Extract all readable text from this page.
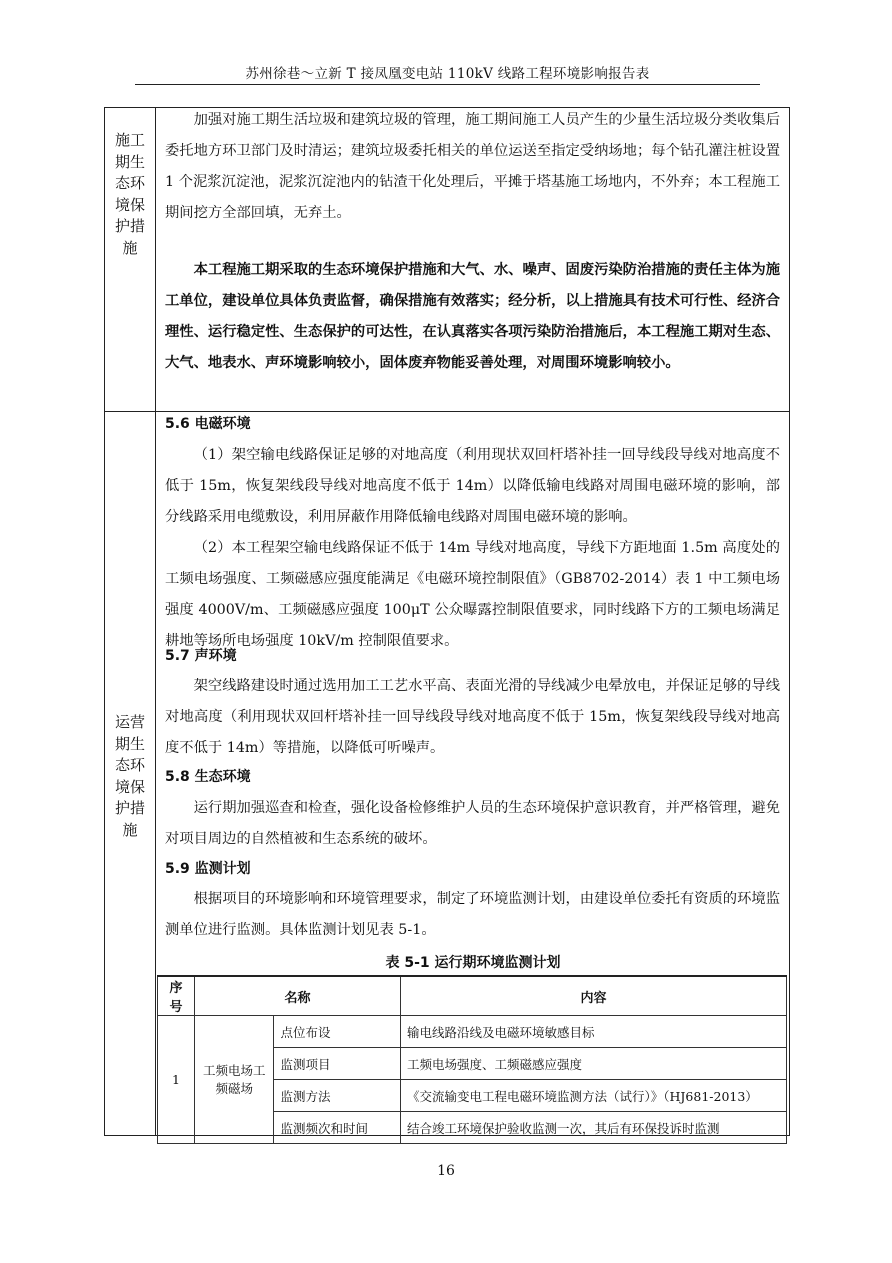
苏州徐巷～立新 T 接凤凰变电站 110kV 线路工程环境影响报告表
施工
期生
态环
境保
护措
施

加强对施工期生活垃圾和建筑垃圾的管理，施工期间施工人员产生的少量生活垃圾分类收集后委托地方环卫部门及时清运；建筑垃圾委托相关的单位运送至指定受纳场地；每个钻孔灌注桩设置 1 个泥浆沉淀池，泥浆沉淀池内的钻渣干化处理后，平摊于塔基施工场地内，不外弃；本工程施工期间挖方全部回填，无弃土。

本工程施工期采取的生态环境保护措施和大气、水、噪声、固废污染防治措施的责任主体为施工单位，建设单位具体负责监督，确保措施有效落实；经分析，以上措施具有技术可行性、经济合理性、运行稳定性、生态保护的可达性，在认真落实各项污染防治措施后，本工程施工期对生态、大气、地表水、声环境影响较小，固体废弃物能妥善处理，对周围环境影响较小。

运营
期生
态环
境保
护措
施
5.6 电磁环境

（1）架空输电线路保证足够的对地高度（利用现状双回杆塔补挂一回导线段导线对地高度不低于 15m，恢复架线段导线对地高度不低于 14m）以降低输电线路对周围电磁环境的影响，部分线路采用电缆敷设，利用屏蔽作用降低输电线路对周围电磁环境的影响。

（2）本工程架空输电线路保证不低于 14m 导线对地高度，导线下方距地面 1.5m 高度处的工频电场强度、工频磁感应强度能满足《电磁环境控制限值》（GB8702-2014）表 1 中工频电场强度 4000V/m、工频磁感应强度 100μT 公众曝露控制限值要求，同时线路下方的工频电场满足耕地等场所电场强度 10kV/m 控制限值要求。

5.7 声环境

架空线路建设时通过选用加工工艺水平高、表面光滑的导线减少电晕放电，并保证足够的导线对地高度（利用现状双回杆塔补挂一回导线段导线对地高度不低于 15m，恢复架线段导线对地高度不低于 14m）等措施，以降低可听噪声。

5.8 生态环境

运行期加强巡查和检查，强化设备检修维护人员的生态环境保护意识教育，并严格管理，避免对项目周边的自然植被和生态系统的破坏。

5.9 监测计划

根据项目的环境影响和环境管理要求，制定了环境监测计划，由建设单位委托有资质的环境监测单位进行监测。具体监测计划见表 5-1。

表 5-1 运行期环境监测计划
序号	名称		内容
1	工频电场工频磁场	点位布设	输电线路沿线及电磁环境敏感目标
		监测项目	工频电场强度、工频磁感应强度
		监测方法	《交流输变电工程电磁环境监测方法（试行）》（HJ681-2013）
		监测频次和时间	结合竣工环境保护验收监测一次，其后有环保投诉时监测
16
